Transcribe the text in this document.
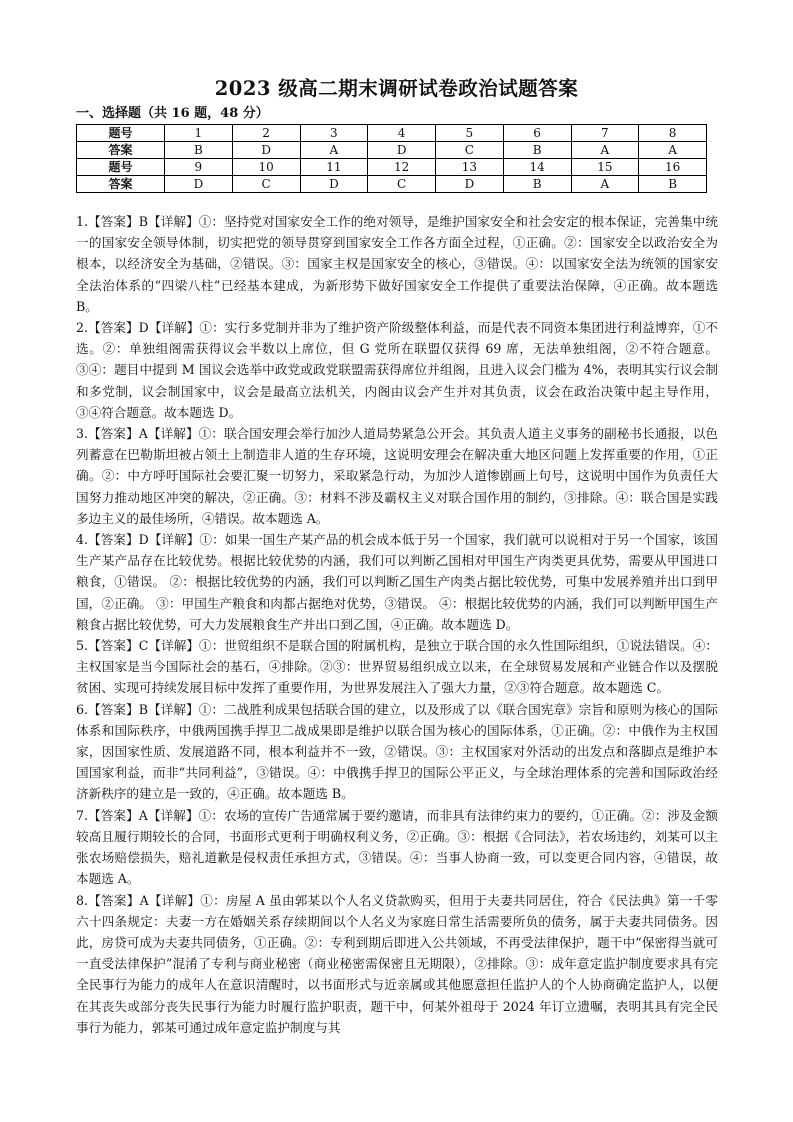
2023 级高二期末调研试卷政治试题答案
一、选择题（共 16 题，48 分）
题号	1	2	3	4	5	6	7	8
答案	B	D	A	D	C	B	A	A
题号	9	10	11	12	13	14	15	16
答案	D	C	D	C	D	B	A	B

1.【答案】B【详解】①：坚持党对国家安全工作的绝对领导，是维护国家安全和社会安定的根本保证，完善集中统一的国家安全领导体制，切实把党的领导贯穿到国家安全工作各方面全过程，①正确。②：国家安全以政治安全为根本，以经济安全为基础，②错误。③：国家主权是国家安全的核心，③错误。④：以国家安全法为统领的国家安全法治体系的“四梁八柱”已经基本建成，为新形势下做好国家安全工作提供了重要法治保障，④正确。故本题选 B。

2.【答案】D【详解】①：实行多党制并非为了维护资产阶级整体利益，而是代表不同资本集团进行利益博弈，①不选。②：单独组阁需获得议会半数以上席位，但 G 党所在联盟仅获得 69 席，无法单独组阁，②不符合题意。③④：题目中提到 M 国议会选举中政党或政党联盟需获得席位并组阁，且进入议会门槛为 4%，表明其实行议会制和多党制，议会制国家中，议会是最高立法机关，内阁由议会产生并对其负责，议会在政治决策中起主导作用，③④符合题意。故本题选 D。

3.【答案】A【详解】①：联合国安理会举行加沙人道局势紧急公开会。其负责人道主义事务的副秘书长通报，以色列蓄意在巴勒斯坦被占领土上制造非人道的生存环境，这说明安理会在解决重大地区问题上发挥重要的作用，①正确。②：中方呼吁国际社会要汇聚一切努力，采取紧急行动，为加沙人道惨剧画上句号，这说明中国作为负责任大国努力推动地区冲突的解决，②正确。③：材料不涉及霸权主义对联合国作用的制约，③排除。④：联合国是实践多边主义的最佳场所，④错误。故本题选 A。

4.【答案】D【详解】①：如果一国生产某产品的机会成本低于另一个国家，我们就可以说相对于另一个国家，该国生产某产品存在比较优势。根据比较优势的内涵，我们可以判断乙国相对甲国生产肉类更具优势，需要从甲国进口粮食，①错误。 ②：根据比较优势的内涵，我们可以判断乙国生产肉类占据比较优势，可集中发展养殖并出口到甲国，②正确。 ③：甲国生产粮食和肉都占据绝对优势，③错误。 ④：根据比较优势的内涵，我们可以判断甲国生产粮食占据比较优势，可大力发展粮食生产并出口到乙国，④正确。故本题选 D。

5.【答案】C【详解】①：世贸组织不是联合国的附属机构，是独立于联合国的永久性国际组织，①说法错误。④：主权国家是当今国际社会的基石，④排除。②③：世界贸易组织成立以来，在全球贸易发展和产业链合作以及摆脱贫困、实现可持续发展目标中发挥了重要作用，为世界发展注入了强大力量，②③符合题意。故本题选 C。

6.【答案】B【详解】①：二战胜利成果包括联合国的建立，以及形成了以《联合国宪章》宗旨和原则为核心的国际体系和国际秩序，中俄两国携手捍卫二战成果即是维护以联合国为核心的国际体系，①正确。②：中俄作为主权国家，因国家性质、发展道路不同，根本利益并不一致，②错误。③：主权国家对外活动的出发点和落脚点是维护本国国家利益，而非“共同利益”，③错误。④：中俄携手捍卫的国际公平正义，与全球治理体系的完善和国际政治经济新秩序的建立是一致的，④正确。故本题选 B。

7.【答案】A【详解】①：农场的宣传广告通常属于要约邀请，而非具有法律约束力的要约，①正确。②：涉及金额较高且履行期较长的合同，书面形式更利于明确权利义务，②正确。③：根据《合同法》，若农场违约，刘某可以主张农场赔偿损失，赔礼道歉是侵权责任承担方式，③错误。④：当事人协商一致，可以变更合同内容，④错误，故本题选 A。

8.【答案】A【详解】①：房屋 A 虽由郭某以个人名义贷款购买，但用于夫妻共同居住，符合《民法典》第一千零六十四条规定：夫妻一方在婚姻关系存续期间以个人名义为家庭日常生活需要所负的债务，属于夫妻共同债务。因此，房贷可成为夫妻共同债务，①正确。②：专利到期后即进入公共领域，不再受法律保护，题干中“保密得当就可一直受法律保护”混淆了专利与商业秘密（商业秘密需保密且无期限），②排除。③：成年意定监护制度要求具有完全民事行为能力的成年人在意识清醒时，以书面形式与近亲属或其他愿意担任监护人的个人协商确定监护人，以便在其丧失或部分丧失民事行为能力时履行监护职责，题干中，何某外祖母于 2024 年订立遗嘱，表明其具有完全民事行为能力，郭某可通过成年意定监护制度与其
